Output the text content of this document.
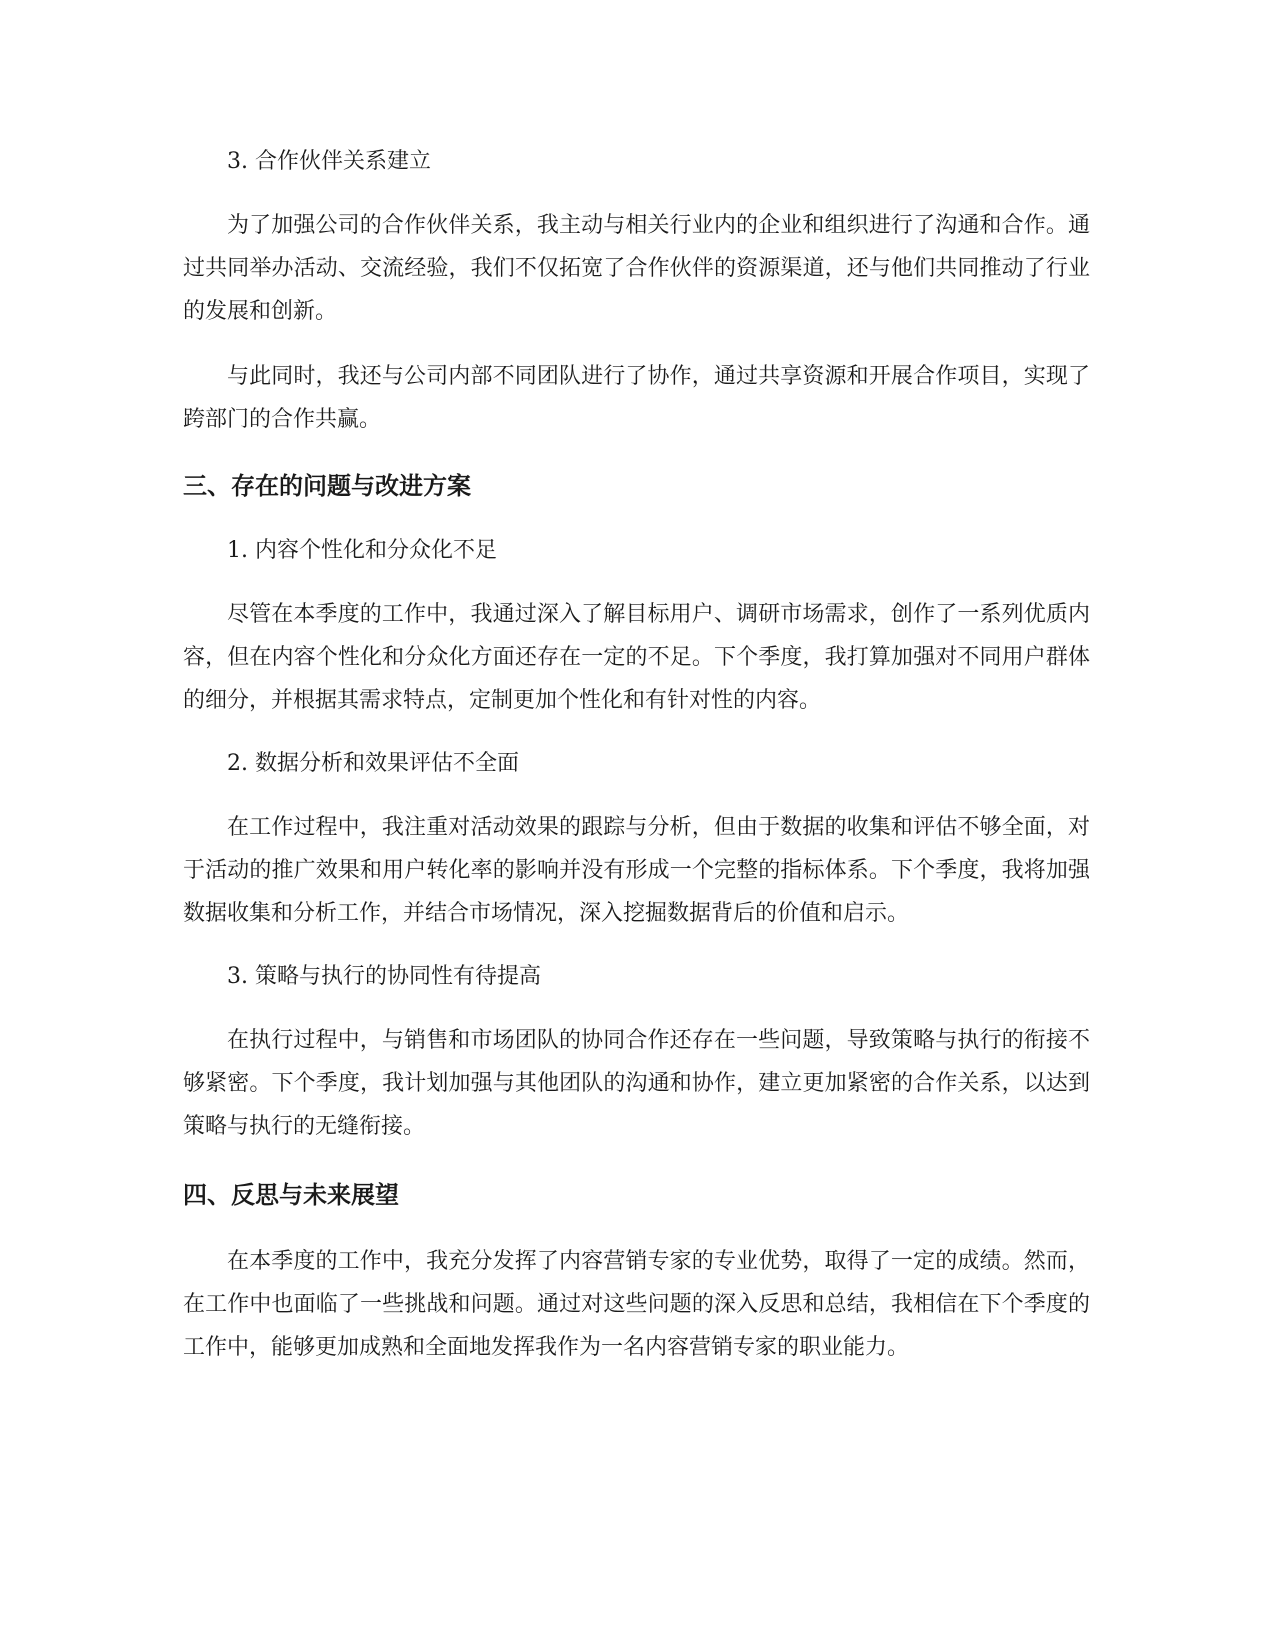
3. 合作伙伴关系建立

为了加强公司的合作伙伴关系，我主动与相关行业内的企业和组织进行了沟通和合作。通过共同举办活动、交流经验，我们不仅拓宽了合作伙伴的资源渠道，还与他们共同推动了行业的发展和创新。

与此同时，我还与公司内部不同团队进行了协作，通过共享资源和开展合作项目，实现了跨部门的合作共赢。

三、存在的问题与改进方案

1. 内容个性化和分众化不足

尽管在本季度的工作中，我通过深入了解目标用户、调研市场需求，创作了一系列优质内容，但在内容个性化和分众化方面还存在一定的不足。下个季度，我打算加强对不同用户群体的细分，并根据其需求特点，定制更加个性化和有针对性的内容。

2. 数据分析和效果评估不全面

在工作过程中，我注重对活动效果的跟踪与分析，但由于数据的收集和评估不够全面，对于活动的推广效果和用户转化率的影响并没有形成一个完整的指标体系。下个季度，我将加强数据收集和分析工作，并结合市场情况，深入挖掘数据背后的价值和启示。

3. 策略与执行的协同性有待提高

在执行过程中，与销售和市场团队的协同合作还存在一些问题，导致策略与执行的衔接不够紧密。下个季度，我计划加强与其他团队的沟通和协作，建立更加紧密的合作关系，以达到策略与执行的无缝衔接。

四、反思与未来展望

在本季度的工作中，我充分发挥了内容营销专家的专业优势，取得了一定的成绩。然而，在工作中也面临了一些挑战和问题。通过对这些问题的深入反思和总结，我相信在下个季度的工作中，能够更加成熟和全面地发挥我作为一名内容营销专家的职业能力。
